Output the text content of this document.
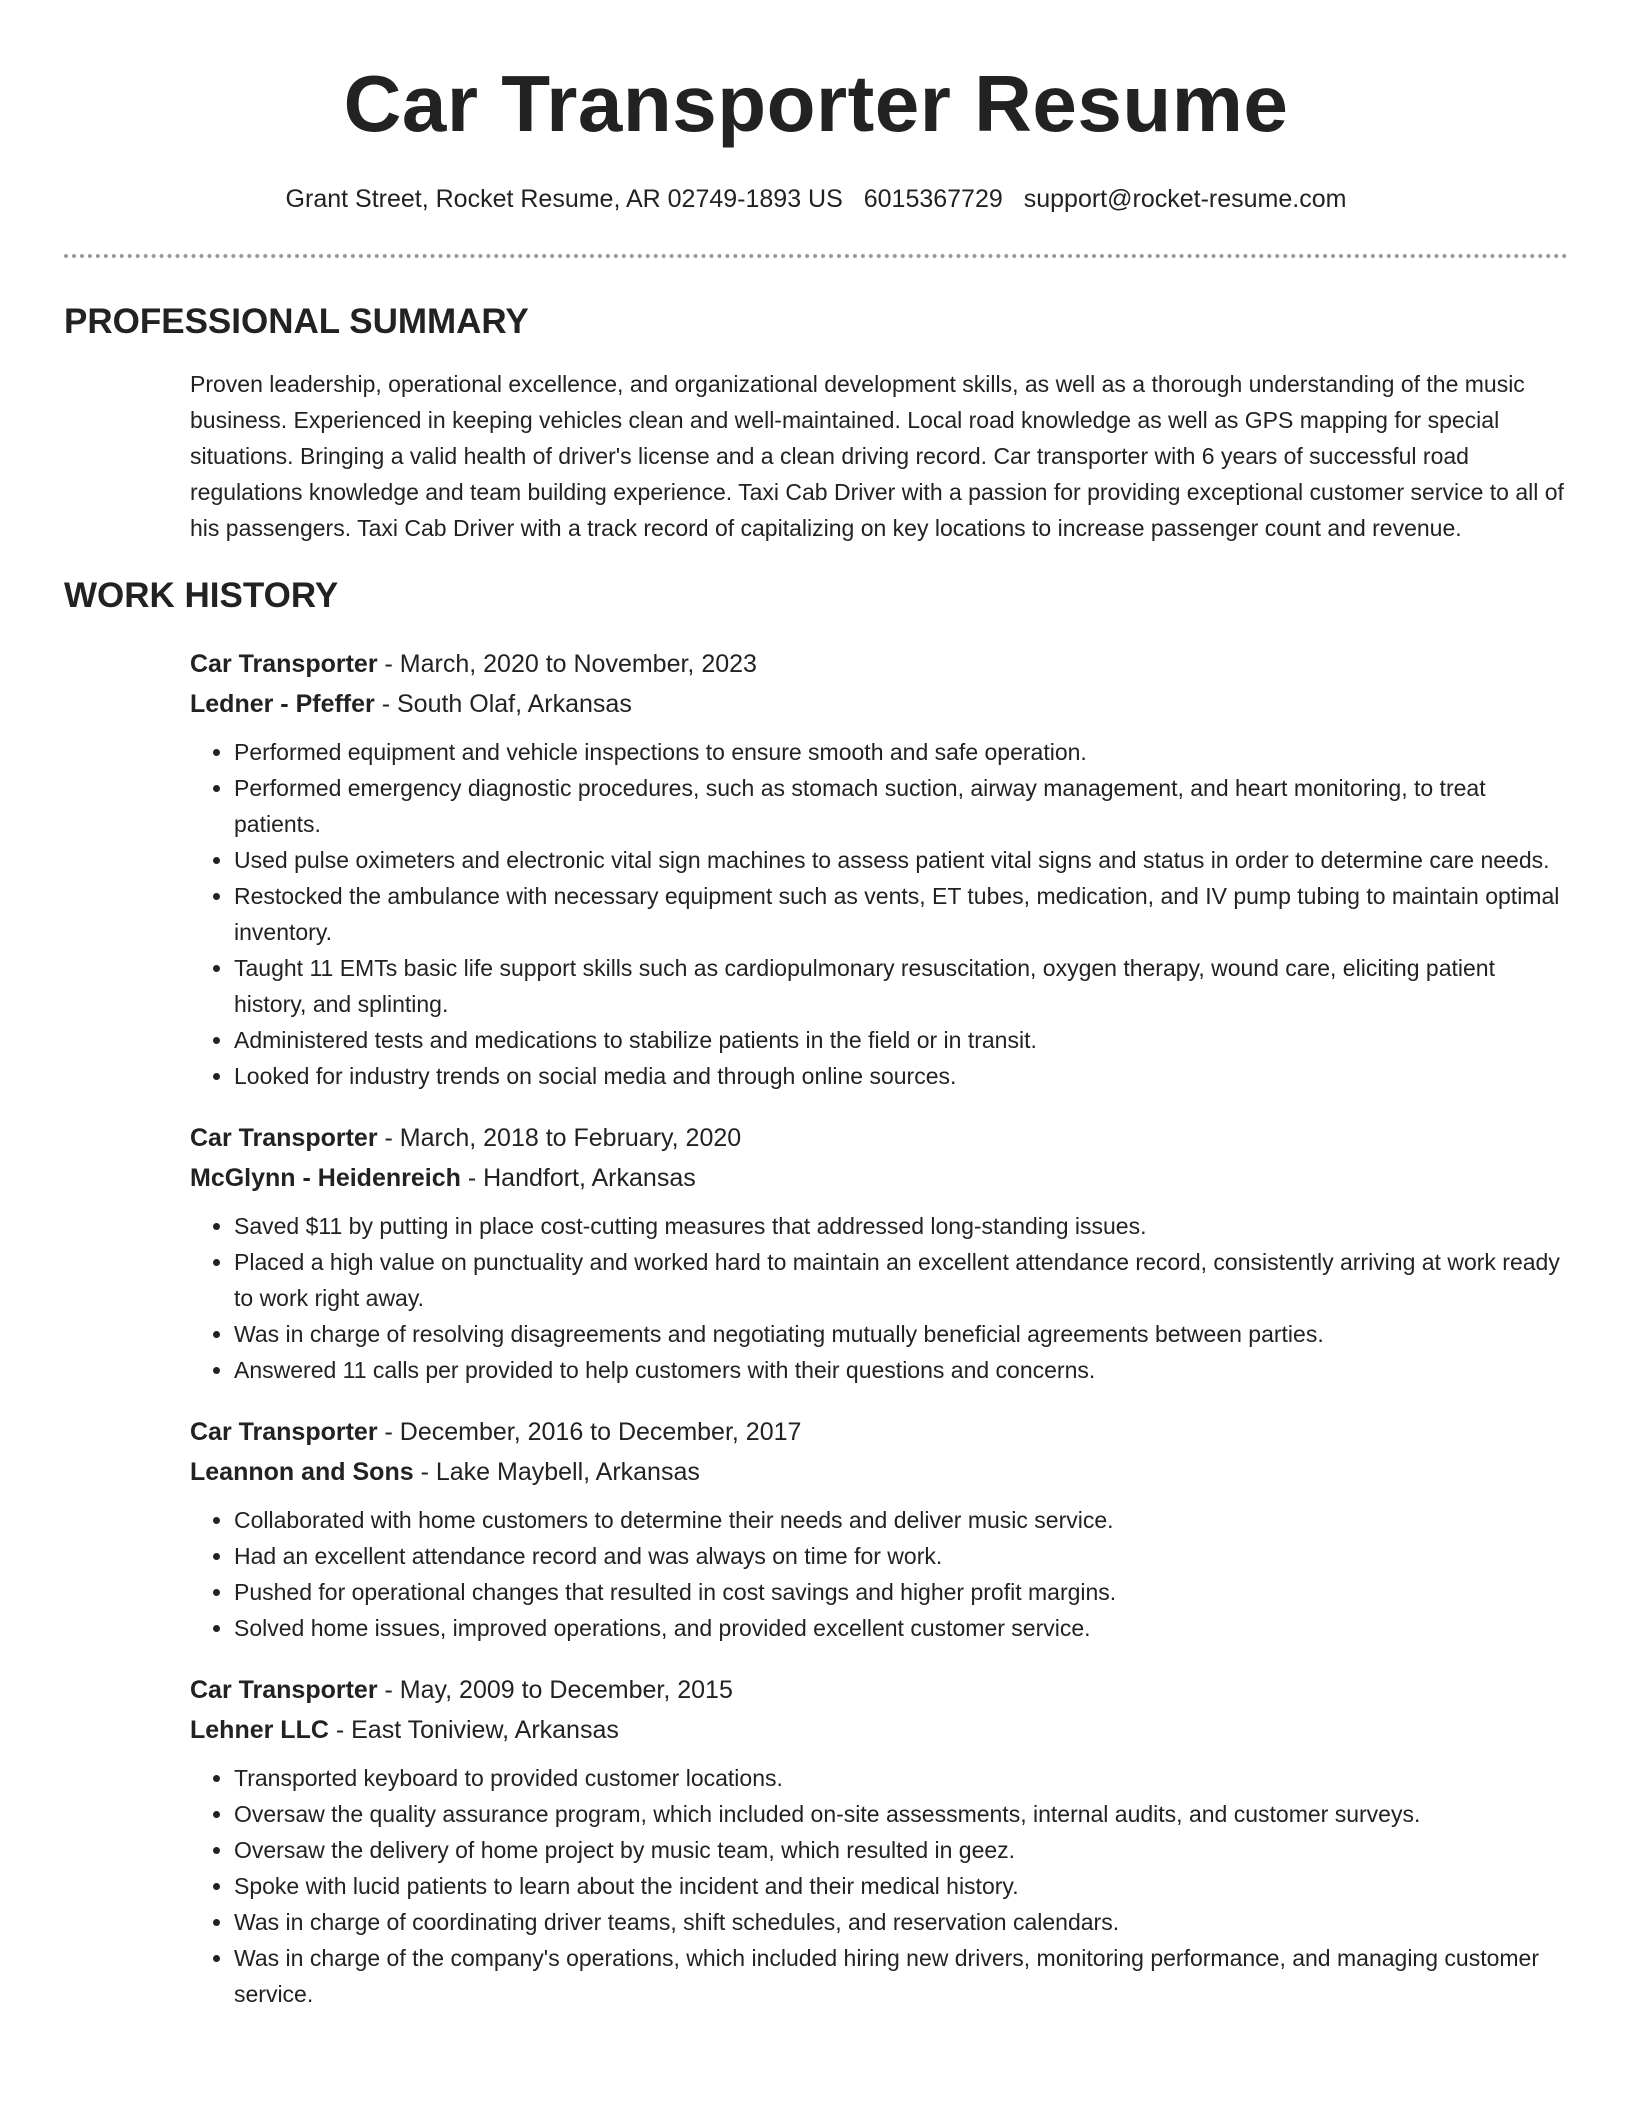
Car Transporter Resume
Grant Street, Rocket Resume, AR 02749-1893 US 6015367729 support@rocket-resume.com
PROFESSIONAL SUMMARY

Proven leadership, operational excellence, and organizational development skills, as well as a thorough understanding of the music business. Experienced in keeping vehicles clean and well-maintained. Local road knowledge as well as GPS mapping for special situations. Bringing a valid health of driver's license and a clean driving record. Car transporter with 6 years of successful road regulations knowledge and team building experience. Taxi Cab Driver with a passion for providing exceptional customer service to all of his passengers. Taxi Cab Driver with a track record of capitalizing on key locations to increase passenger count and revenue.

WORK HISTORY
Car Transporter - March, 2020 to November, 2023
Ledner - Pfeffer - South Olaf, Arkansas
• Performed equipment and vehicle inspections to ensure smooth and safe operation.
• Performed emergency diagnostic procedures, such as stomach suction, airway management, and heart monitoring, to treat patients.
• Used pulse oximeters and electronic vital sign machines to assess patient vital signs and status in order to determine care needs.
• Restocked the ambulance with necessary equipment such as vents, ET tubes, medication, and IV pump tubing to maintain optimal inventory.
• Taught 11 EMTs basic life support skills such as cardiopulmonary resuscitation, oxygen therapy, wound care, eliciting patient history, and splinting.
• Administered tests and medications to stabilize patients in the field or in transit.
• Looked for industry trends on social media and through online sources.
Car Transporter - March, 2018 to February, 2020
McGlynn - Heidenreich - Handfort, Arkansas
• Saved $11 by putting in place cost-cutting measures that addressed long-standing issues.
• Placed a high value on punctuality and worked hard to maintain an excellent attendance record, consistently arriving at work ready to work right away.
• Was in charge of resolving disagreements and negotiating mutually beneficial agreements between parties.
• Answered 11 calls per provided to help customers with their questions and concerns.
Car Transporter - December, 2016 to December, 2017
Leannon and Sons - Lake Maybell, Arkansas
• Collaborated with home customers to determine their needs and deliver music service.
• Had an excellent attendance record and was always on time for work.
• Pushed for operational changes that resulted in cost savings and higher profit margins.
• Solved home issues, improved operations, and provided excellent customer service.
Car Transporter - May, 2009 to December, 2015
Lehner LLC - East Toniview, Arkansas
• Transported keyboard to provided customer locations.
• Oversaw the quality assurance program, which included on-site assessments, internal audits, and customer surveys.
• Oversaw the delivery of home project by music team, which resulted in geez.
• Spoke with lucid patients to learn about the incident and their medical history.
• Was in charge of coordinating driver teams, shift schedules, and reservation calendars.
• Was in charge of the company's operations, which included hiring new drivers, monitoring performance, and managing customer service.
